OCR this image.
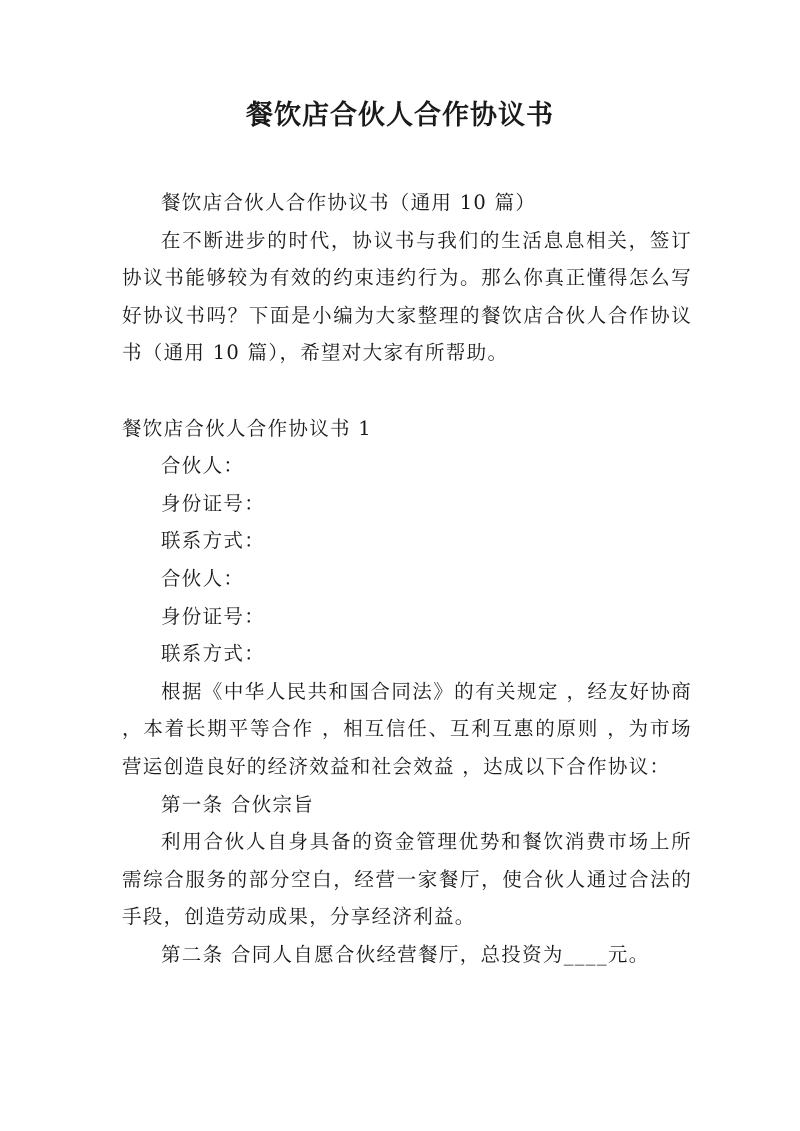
餐饮店合伙人合作协议书

餐饮店合伙人合作协议书（通用 10 篇）

在不断进步的时代，协议书与我们的生活息息相关，签订协议书能够较为有效的约束违约行为。那么你真正懂得怎么写好协议书吗？下面是小编为大家整理的餐饮店合伙人合作协议书（通用 10 篇），希望对大家有所帮助。

餐饮店合伙人合作协议书 1

合伙人：

身份证号：

联系方式：

合伙人：

身份证号：

联系方式：

根据《中华人民共和国合同法》的有关规定 ，经友好协商 ，本着长期平等合作 ，相互信任、互利互惠的原则 ，为市场营运创造良好的经济效益和社会效益 ，达成以下合作协议：

第一条 合伙宗旨

利用合伙人自身具备的资金管理优势和餐饮消费市场上所需综合服务的部分空白，经营一家餐厅，使合伙人通过合法的手段，创造劳动成果，分享经济利益。

第二条 合同人自愿合伙经营餐厅，总投资为____元。
